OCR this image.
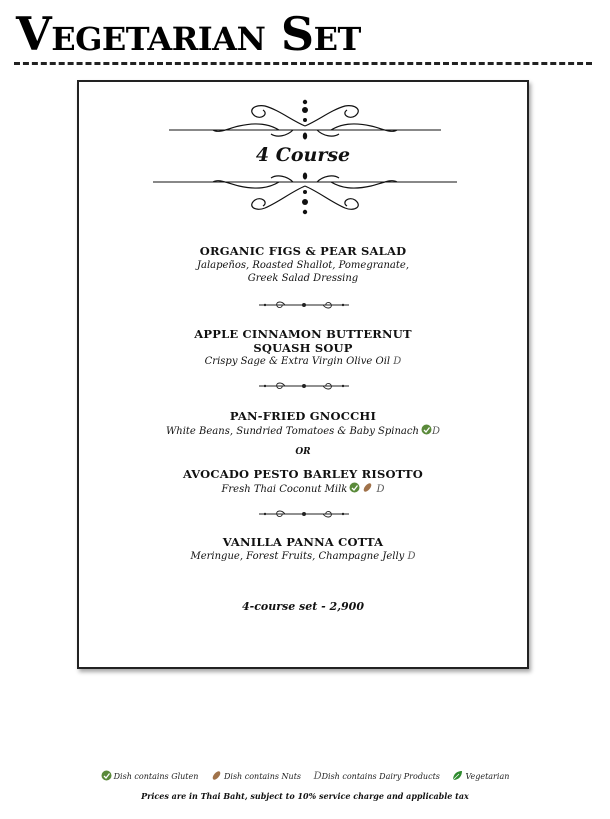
Vegetarian Set
4 Course
ORGANIC FIGS & PEAR SALAD
Jalapeños, Roasted Shallot, Pomegranate,
Greek Salad Dressing
APPLE CINNAMON BUTTERNUT
SQUASH SOUP
Crispy Sage & Extra Virgin Olive Oil D
PAN-FRIED GNOCCHI
White Beans, Sundried Tomatoes & Baby Spinach D
OR
AVOCADO PESTO BARLEY RISOTTO
Fresh Thai Coconut Milk	D
VANILLA PANNA COTTA
Meringue, Forest Fruits, Champagne Jelly D
4-course set - 2,900
Dish contains Gluten	Dish contains Nuts DDish contains Dairy Products	Vegetarian
Prices are in Thai Baht, subject to 10% service charge and applicable tax
